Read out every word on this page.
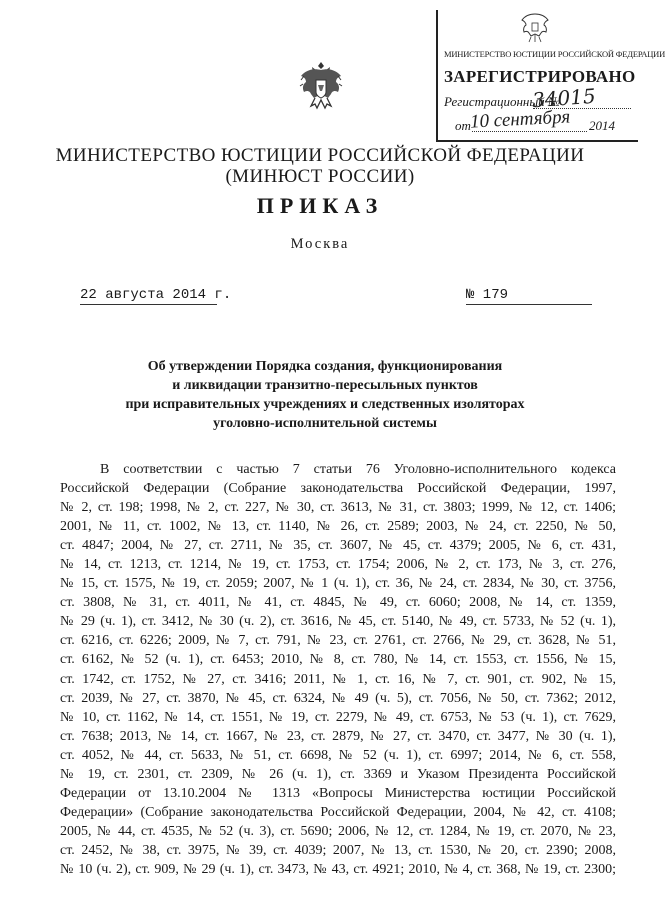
МИНИСТЕРСТВО ЮСТИЦИИ РОССИЙСКОЙ ФЕДЕРАЦИИ
ЗАРЕГИСТРИРОВАНО
Регистрационный №
34015
от
10 сентября 2014
МИНИСТЕРСТВО ЮСТИЦИИ РОССИЙСКОЙ ФЕДЕРАЦИИ
(МИНЮСТ РОССИИ)
ПРИКАЗ
Москва
22 августа 2014 г.	№ 179
Об утверждении Порядка создания, функционирования
и ликвидации транзитно-пересыльных пунктов
при исправительных учреждениях и следственных изоляторах
уголовно-исполнительной системы
В соответствии с частью 7 статьи 76 Уголовно-исполнительного кодекса
Российской Федерации (Собрание законодательства Российской Федерации, 1997,
№ 2, ст. 198; 1998, № 2, ст. 227, № 30, ст. 3613, № 31, ст. 3803; 1999, № 12, ст. 1406;
2001, № 11, ст. 1002, № 13, ст. 1140, № 26, ст. 2589; 2003, № 24, ст. 2250, № 50,
ст. 4847; 2004, № 27, ст. 2711, № 35, ст. 3607, № 45, ст. 4379; 2005, № 6, ст. 431,
№ 14, ст. 1213, ст. 1214, № 19, ст. 1753, ст. 1754; 2006, № 2, ст. 173, № 3, ст. 276,
№ 15, ст. 1575, № 19, ст. 2059; 2007, № 1 (ч. 1), ст. 36, № 24, ст. 2834, № 30, ст. 3756,
ст. 3808, № 31, ст. 4011, № 41, ст. 4845, № 49, ст. 6060; 2008, № 14, ст. 1359,
№ 29 (ч. 1), ст. 3412, № 30 (ч. 2), ст. 3616, № 45, ст. 5140, № 49, ст. 5733, № 52 (ч. 1),
ст. 6216, ст. 6226; 2009, № 7, ст. 791, № 23, ст. 2761, ст. 2766, № 29, ст. 3628, № 51,
ст. 6162, № 52 (ч. 1), ст. 6453; 2010, № 8, ст. 780, № 14, ст. 1553, ст. 1556, № 15,
ст. 1742, ст. 1752, № 27, ст. 3416; 2011, № 1, ст. 16, № 7, ст. 901, ст. 902, № 15,
ст. 2039, № 27, ст. 3870, № 45, ст. 6324, № 49 (ч. 5), ст. 7056, № 50, ст. 7362; 2012,
№ 10, ст. 1162, № 14, ст. 1551, № 19, ст. 2279, № 49, ст. 6753, № 53 (ч. 1), ст. 7629,
ст. 7638; 2013, № 14, ст. 1667, № 23, ст. 2879, № 27, ст. 3470, ст. 3477, № 30 (ч. 1),
ст. 4052, № 44, ст. 5633, № 51, ст. 6698, № 52 (ч. 1), ст. 6997; 2014, № 6, ст. 558,
№ 19, ст. 2301, ст. 2309, № 26 (ч. 1), ст. 3369 и Указом Президента Российской
Федерации от 13.10.2004 № 1313 «Вопросы Министерства юстиции Российской
Федерации» (Собрание законодательства Российской Федерации, 2004, № 42, ст. 4108;
2005, № 44, ст. 4535, № 52 (ч. 3), ст. 5690; 2006, № 12, ст. 1284, № 19, ст. 2070, № 23,
ст. 2452, № 38, ст. 3975, № 39, ст. 4039; 2007, № 13, ст. 1530, № 20, ст. 2390; 2008,
№ 10 (ч. 2), ст. 909, № 29 (ч. 1), ст. 3473, № 43, ст. 4921; 2010, № 4, ст. 368, № 19, ст. 2300;
